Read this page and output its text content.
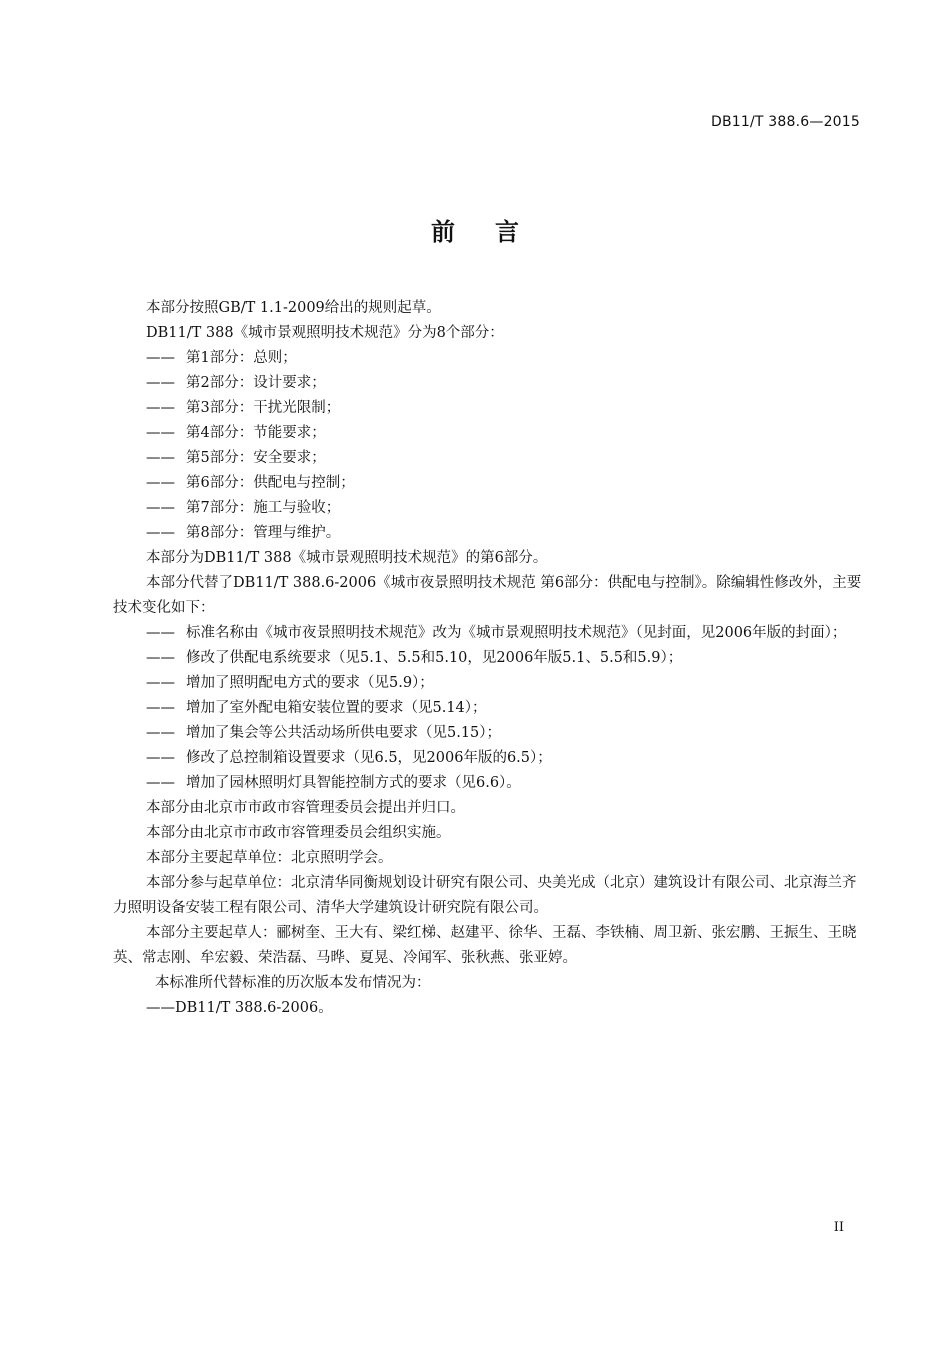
DB11/T 388.6—2015
前言

本部分按照GB/T 1.1-2009给出的规则起草。

DB11/T 388《城市景观照明技术规范》分为8个部分：

—— 第1部分：总则；
—— 第2部分：设计要求；
—— 第3部分：干扰光限制；
—— 第4部分：节能要求；
—— 第5部分：安全要求；
—— 第6部分：供配电与控制；
—— 第7部分：施工与验收；
—— 第8部分：管理与维护。

本部分为DB11/T 388《城市景观照明技术规范》的第6部分。

本部分代替了DB11/T 388.6-2006《城市夜景照明技术规范 第6部分：供配电与控制》。除编辑性修改外，主要技术变化如下：

—— 标准名称由《城市夜景照明技术规范》改为《城市景观照明技术规范》（见封面，见2006年版的封面）；
—— 修改了供配电系统要求（见5.1、5.5和5.10，见2006年版5.1、5.5和5.9）；
—— 增加了照明配电方式的要求（见5.9）；
—— 增加了室外配电箱安装位置的要求（见5.14）；
—— 增加了集会等公共活动场所供电要求（见5.15）；
—— 修改了总控制箱设置要求（见6.5，见2006年版的6.5）；
—— 增加了园林照明灯具智能控制方式的要求（见6.6）。

本部分由北京市市政市容管理委员会提出并归口。

本部分由北京市市政市容管理委员会组织实施。

本部分主要起草单位：北京照明学会。

本部分参与起草单位：北京清华同衡规划设计研究有限公司、央美光成（北京）建筑设计有限公司、北京海兰齐力照明设备安装工程有限公司、清华大学建筑设计研究院有限公司。

本部分主要起草人：郦树奎、王大有、梁红梯、赵建平、徐华、王磊、李铁楠、周卫新、张宏鹏、王振生、王晓英、常志刚、牟宏毅、荣浩磊、马晔、夏晃、冷闻军、张秋燕、张亚婷。

本标准所代替标准的历次版本发布情况为：

——DB11/T 388.6-2006。

II
